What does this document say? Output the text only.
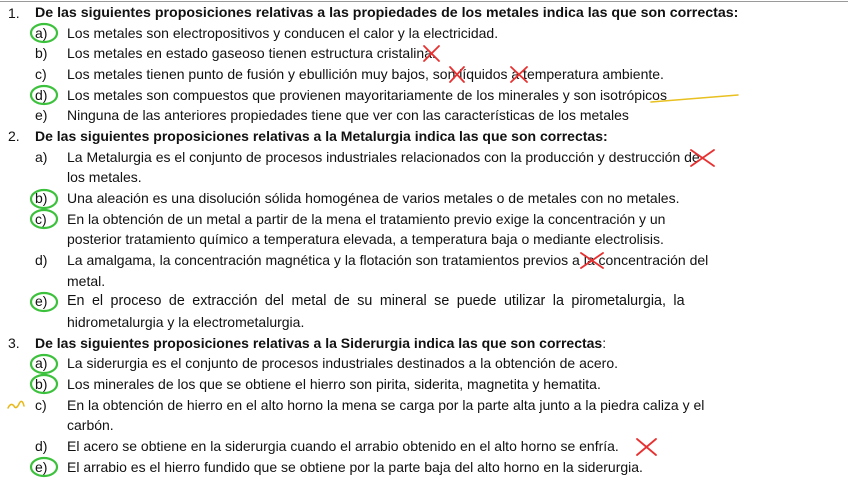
1. De las siguientes proposiciones relativas a las propiedades de los metales indica las que son correctas:
a) Los metales son electropositivos y conducen el calor y la electricidad.
b) Los metales en estado gaseoso tienen estructura cristalina.
c) Los metales tienen punto de fusión y ebullición muy bajos, son líquidos a temperatura ambiente.
d) Los metales son compuestos que provienen mayoritariamente de los minerales y son isotrópicos
e) Ninguna de las anteriores propiedades tiene que ver con las características de los metales
2. De las siguientes proposiciones relativas a la Metalurgia indica las que son correctas:
a) La Metalurgia es el conjunto de procesos industriales relacionados con la producción y destrucción de
los metales.
b) Una aleación es una disolución sólida homogénea de varios metales o de metales con no metales.
c) En la obtención de un metal a partir de la mena el tratamiento previo exige la concentración y un
posterior tratamiento químico a temperatura elevada, a temperatura baja o mediante electrolisis.
d) La amalgama, la concentración magnética y la flotación son tratamientos previos a la concentración del
metal.
e) En el proceso de extracción del metal de su mineral se puede utilizar la pirometalurgia, la
hidrometalurgia y la electrometalurgia.
3. De las siguientes proposiciones relativas a la Siderurgia indica las que son correctas:
a) La siderurgia es el conjunto de procesos industriales destinados a la obtención de acero.
b) Los minerales de los que se obtiene el hierro son pirita, siderita, magnetita y hematita.
c) En la obtención de hierro en el alto horno la mena se carga por la parte alta junto a la piedra caliza y el
carbón.
d) El acero se obtiene en la siderurgia cuando el arrabio obtenido en el alto horno se enfría.
e) El arrabio es el hierro fundido que se obtiene por la parte baja del alto horno en la siderurgia.
